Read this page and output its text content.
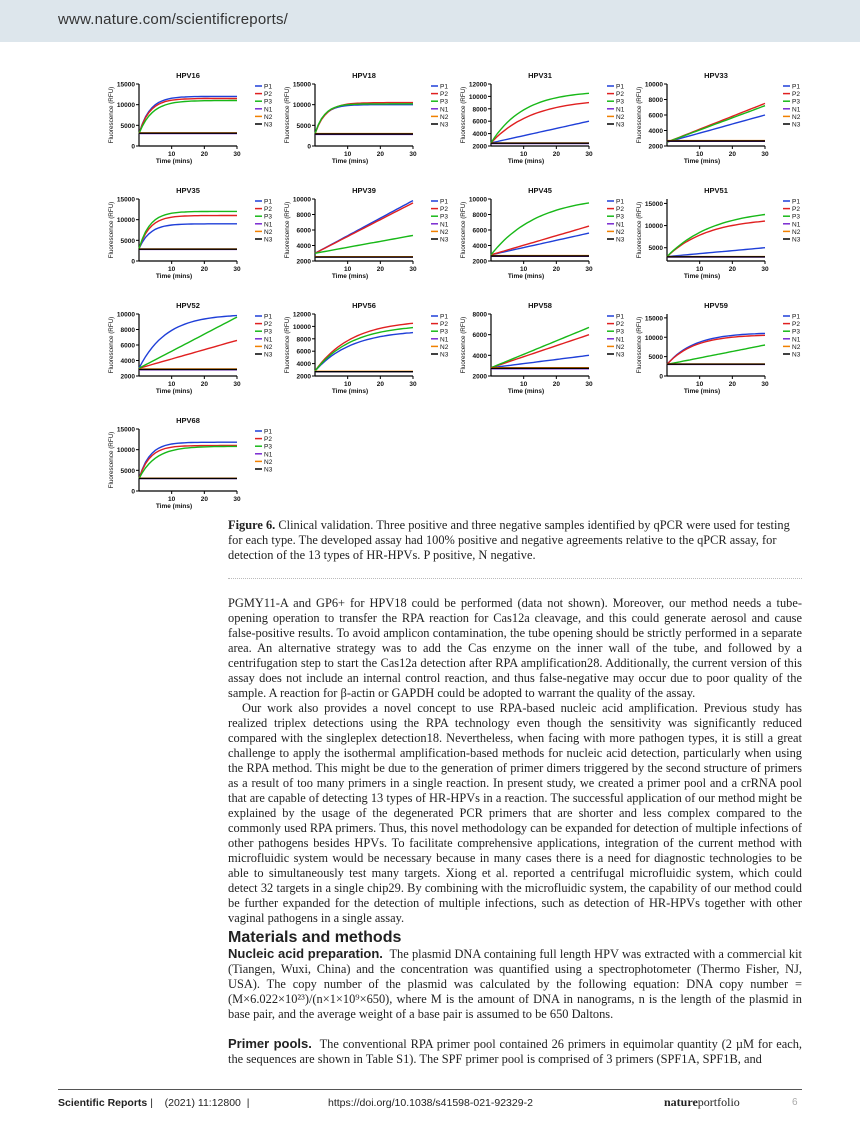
www.nature.com/scientificreports/
HPV16
0
5000
10000
15000
10	20	30
Time (mins)
Fluorescence (RFU)	P1
P2
P3
N1
N2
N3
HPV18
0
5000
10000
15000
10	20	30
Time (mins)
Fluorescence (RFU)	P1
P2
P3
N1
N2
N3
HPV31
2000
4000
6000
8000
10000
12000
10	20	30
Time (mins)
Fluorescence (RFU)	P1
P2
P3
N1
N2
N3
HPV33
2000
4000
6000
8000
10000
10	20	30
Time (mins)
Fluorescence (RFU)	P1
P2
P3
N1
N2
N3
HPV35
0
5000
10000
15000
10	20	30
Time (mins)
Fluorescence (RFU)	P1
P2
P3
N1
N2
N3
HPV39
2000
4000
6000
8000
10000
10	20	30
Time (mins)
Fluorescence (RFU)	P1
P2
P3
N1
N2
N3
HPV45
2000
4000
6000
8000
10000
10	20	30
Time (mins)
Fluorescence (RFU)	P1
P2
P3
N1
N2
N3
HPV51
5000
10000
15000
10	20	30
Time (mins)
Fluorescence (RFU)	P1
P2
P3
N1
N2
N3
HPV52
2000
4000
6000
8000
10000
10	20	30
Time (mins)
Fluorescence (RFU)	P1
P2
P3
N1
N2
N3
HPV56
2000
4000
6000
8000
10000
12000
10	20	30
Time (mins)
Fluorescence (RFU)	P1
P2
P3
N1
N2
N3
HPV58
2000
4000
6000
8000
10	20	30
Time (mins)
Fluorescence (RFU)	P1
P2
P3
N1
N2
N3
HPV59
0
5000
10000
15000
10	20	30
Time (mins)
Fluorescence (RFU)	P1
P2
P3
N1
N2
N3
HPV68
0
5000
10000
15000
10	20	30
Time (mins)
Fluorescence (RFU)	P1
P2
P3
N1
N2
N3
Figure 6. Clinical validation. Three positive and three negative samples identified by qPCR were used for testing for each type. The developed assay had 100% positive and negative agreements relative to the qPCR assay, for detection of the 13 types of HR-HPVs. P positive, N negative.

PGMY11-A and GP6+ for HPV18 could be performed (data not shown). Moreover, our method needs a tube-opening operation to transfer the RPA reaction for Cas12a cleavage, and this could generate aerosol and cause false-positive results. To avoid amplicon contamination, the tube opening should be strictly performed in a separate area. An alternative strategy was to add the Cas enzyme on the inner wall of the tube, and followed by a centrifugation step to start the Cas12a detection after RPA amplification28. Additionally, the current version of this assay does not include an internal control reaction, and thus false-negative may occur due to poor quality of the sample. A reaction for β-actin or GAPDH could be adopted to warrant the quality of the assay.

Our work also provides a novel concept to use RPA-based nucleic acid amplification. Previous study has realized triplex detections using the RPA technology even though the sensitivity was significantly reduced compared with the singleplex detection18. Nevertheless, when facing with more pathogen types, it is still a great challenge to apply the isothermal amplification-based methods for nucleic acid detection, particularly when using the RPA method. This might be due to the generation of primer dimers triggered by the second structure of primers as a result of too many primers in a single reaction. In present study, we created a primer pool and a crRNA pool that are capable of detecting 13 types of HR-HPVs in a reaction. The successful application of our method might be explained by the usage of the degenerated PCR primers that are shorter and less complex compared to the commonly used RPA primers. Thus, this novel methodology can be expanded for detection of multiple infections of other pathogens besides HPVs. To facilitate comprehensive applications, integration of the current method with microfluidic system would be necessary because in many cases there is a need for diagnostic technologies to be able to simultaneously test many targets. Xiong et al. reported a centrifugal microfluidic system, which could detect 32 targets in a single chip29. By combining with the microfluidic system, the capability of our method could be further expanded for the detection of multiple infections, such as detection of HR-HPVs together with other vaginal pathogens in a single assay.

Materials and methods
Nucleic acid preparation. The plasmid DNA containing full length HPV was extracted with a commercial kit (Tiangen, Wuxi, China) and the concentration was quantified using a spectrophotometer (Thermo Fisher, NJ, USA). The copy number of the plasmid was calculated by the following equation: DNA copy number = (M×6.022×10²³)/(n×1×10⁹×650), where M is the amount of DNA in nanograms, n is the length of the plasmid in base pair, and the average weight of a base pair is assumed to be 650 Daltons.
Primer pools. The conventional RPA primer pool contained 26 primers in equimolar quantity (2 µM for each, the sequences are shown in Table S1). The SPF primer pool is comprised of 3 primers (SPF1A, SPF1B, and
Scientific Reports |    (2021) 11:12800  |	https://doi.org/10.1038/s41598-021-92329-2	natureportfolio	6
